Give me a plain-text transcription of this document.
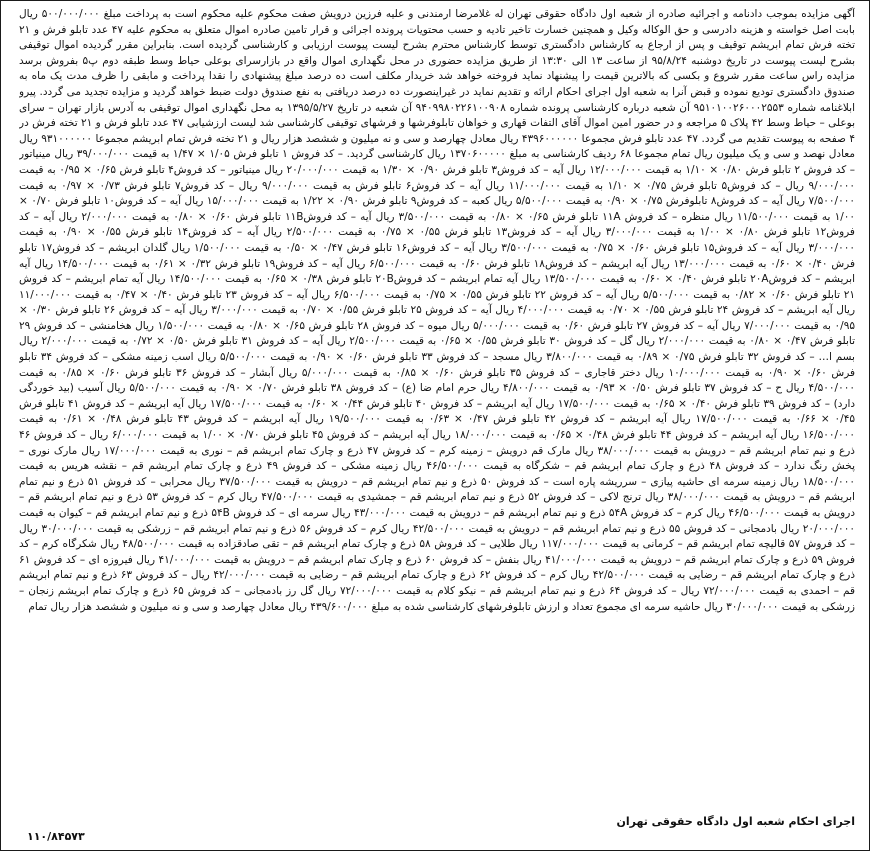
آگهی مزایده بموجب دادنامه و اجرائیه صادره از شعبه اول دادگاه حقوقی تهران له غلامرضا ارمندنی و علیه فرزین درویش صفت محکوم علیه محکوم است به پرداخت مبلغ ۵۰۰/۰۰۰/۰۰۰ ریال بابت اصل خواسته و هزینه دادرسی و حق الوکاله وکیل و همچنین خسارت تاخیر تادیه و حسب محتویات پرونده اجرائی و قرار تامین صادره اموال متعلق به محکوم علیه ۴۷ عدد تابلو فرش و ۲۱ تخته فرش تمام ابریشم توقیف و پس از ارجاع به کارشناس دادگستری توسط کارشناس محترم بشرح لیست پیوست ارزیابی و کارشناسی گردیده است. بنابراین مقرر گردیده اموال توقیفی بشرح لیست پیوست در تاریخ دوشنبه ۹۵/۸/۲۴ از ساعت ۱۳ الی ۱۳:۳۰ از طریق مزایده حضوری در محل نگهداری اموال واقع در بازارسرای بوعلی حیاط وسط طبقه دوم پ۵ بفروش برسد مزایده راس ساعت مقرر شروع و بکسی که بالاترین قیمت را پیشنهاد نماید فروخته خواهد شد خریدار مکلف است ده درصد مبلغ پیشنهادی را نقدا پرداخت و مابقی را ظرف مدت یک ماه به صندوق دادگستری تودیع نموده و قبض آنرا به شعبه اول اجرای احکام ارائه و تقدیم نماید در غیراینصورت ده درصد دریافتی به نفع صندوق دولت ضبط خواهد گردید و مزایده تجدید می گردد. پیرو ابلاغنامه شماره ۹۵۱۰۱۰۰۲۶۰۰۰۲۵۵۳ آن شعبه درباره کارشناسی پرونده شماره ۹۴۰۹۹۸۰۲۲۶۱۰۰۹۰۸ آن شعبه در تاریخ ۱۳۹۵/۵/۲۷ به محل نگهداری اموال توقیفی به آدرس بازار تهران – سرای بوعلی – حیاط وسط ۴۲ پلاک ۵ مراجعه و در حضور امین اموال آقای التفات قهاری و خواهان تابلوفرشها و فرشهای توقیفی کارشناسی شد لیست ارزشیابی ۴۷ عدد تابلو فرش و ۲۱ تخته فرش در ۴ صفحه به پیوست تقدیم می گردد. ۴۷ عدد تابلو فرش مجموعا ۴۳۹۶۰۰۰۰۰۰ ریال معادل چهارصد و سی و نه میلیون و ششصد هزار ریال و ۲۱ تخته فرش تمام ابریشم مجموعا ۹۳۱۰۰۰۰۰۰ ریال معادل نهصد و سی و یک میلیون ریال تمام مجموعا ۶۸ ردیف کارشناسی به مبلغ ۱۳۷۰۶۰۰۰۰۰ ریال کارشناسی گردید. – کد فروش ۱ تابلو فرش ۱/۰۵ × ۱/۴۷ به قیمت ۳۹/۰۰۰/۰۰۰ ریال مینیاتور – کد فروش ۲ تابلو فرش ۰/۸۰ × ۱/۱۰ به قیمت ۱۲/۰۰۰/۰۰۰ ریال آیه – کد فروش۳ تابلو فرش ۰/۹۰ × ۱/۳۰ به قیمت ۲۰/۰۰۰/۰۰۰ ریال مینیاتور – کد فروش۴ تابلو فرش ۰/۶۵ × ۰/۹۵ به قیمت ۹/۰۰۰/۰۰۰ ریال – کد فروش۵ تابلو فرش ۰/۷۵ × ۱/۱۰ به قیمت ۱۱/۰۰۰/۰۰۰ ریال آیه – کد فروش۶ تابلو فرش به قیمت ۹/۰۰۰/۰۰۰ ریال – کد فروش۷ تابلو فرش ۰/۷۳ × ۰/۹۷ به قیمت ۷/۵۰۰/۰۰۰ ریال آیه – کد فروش۸ تابلوفرش ۰/۷۵ × ۰/۹۰ به قیمت ۵/۵۰۰/۰۰۰ ریال کعبه – کد فروش۹ تابلو فرش ۰/۹۰ × ۱/۲۲ به قیمت ۱۵/۰۰۰/۰۰۰ ریال آیه – کد فروش۱۰ تابلو فرش ۰/۷۰ × ۱/۰۰ به قیمت ۱۱/۵۰۰/۰۰۰ ریال منظره – کد فروش ۱۱A تابلو فرش ۰/۶۵ × ۰/۸۰ به قیمت ۳/۵۰۰/۰۰۰ ریال آیه – کد فروش۱۱B تابلو فرش ۰/۶۰ × ۰/۸۰ به قیمت ۲/۰۰۰/۰۰۰ ریال آیه – کد فروش۱۲ تابلو فرش ۰/۸۰ × ۱/۰۰ به قیمت ۳/۰۰۰/۰۰۰ ریال آیه – کد فروش۱۳ تابلو فرش ۰/۵۵ × ۰/۷۵ به قیمت ۲/۵۰۰/۰۰۰ ریال آیه – کد فروش۱۴ تابلو فرش ۰/۵۵ × ۰/۹۰ به قیمت ۳/۰۰۰/۰۰۰ ریال آیه – کد فروش۱۵ تابلو فرش ۰/۶۰ × ۰/۷۵ به قیمت ۳/۵۰۰/۰۰۰ ریال آیه – کد فروش۱۶ تابلو فرش ۰/۴۷ × ۰/۵۰ به قیمت ۱/۵۰۰/۰۰۰ ریال گلدان ابریشم – کد فروش۱۷ تابلو فرش ۰/۴۰ × ۰/۶۰ به قیمت ۱۳/۰۰۰/۰۰۰ ریال آیه ابریشم – کد فروش۱۸ تابلو فرش ۰/۶۰ به قیمت ۶/۵۰۰/۰۰۰ ریال آیه – کد فروش۱۹ تابلو فرش ۰/۳۲ × ۰/۶۱ به قیمت ۱۴/۵۰۰/۰۰۰ ریال آیه ابریشم – کد فروش۲۰A تابلو فرش ۰/۴۰ × ۰/۶۰ به قیمت ۱۳/۵۰۰/۰۰۰ ریال آیه تمام ابریشم – کد فروش۲۰B تابلو فرش ۰/۳۸ × ۰/۶۵ به قیمت ۱۴/۵۰۰/۰۰۰ ریال آیه تمام ابریشم – کد فروش ۲۱ تابلو فرش ۰/۶۰ × ۰/۸۲ به قیمت ۵/۵۰۰/۰۰۰ ریال آیه – کد فروش ۲۲ تابلو فرش ۰/۵۵ × ۰/۷۵ به قیمت ۶/۵۰۰/۰۰۰ ریال آیه – کد فروش ۲۳ تابلو فرش ۰/۴۰ × ۰/۴۷ به قیمت ۱۱/۰۰۰/۰۰۰ ریال آیه ابریشم – کد فروش ۲۴ تابلو فرش ۰/۵۵ × ۰/۷۰ به قیمت ۴/۰۰۰/۰۰۰ ریال آیه – کد فروش ۲۵ تابلو فرش ۰/۵۵ × ۰/۷۰ به قیمت ۳/۰۰۰/۰۰۰ ریال آیه – کد فروش ۲۶ تابلو فرش ۰/۳۰ × ۰/۹۵ به قیمت ۷/۰۰۰/۰۰۰ ریال آیه – کد فروش ۲۷ تابلو فرش ۰/۶۰ به قیمت ۵/۰۰۰/۰۰۰ ریال میوه – کد فروش ۲۸ تابلو فرش ۰/۶۵ × ۰/۸۰ به قیمت ۱/۵۰۰/۰۰۰ ریال هخامنشی – کد فروش ۲۹ تابلو فرش ۰/۴۷ × ۰/۸۰ به قیمت ۲/۰۰۰/۰۰۰ ریال گل – کد فروش ۳۰ تابلو فرش ۰/۵۵ × ۰/۶۵ به قیمت ۲/۵۰۰/۰۰۰ ریال آیه – کد فروش ۳۱ تابلو فرش ۰/۵۰ × ۰/۷۲ به قیمت ۲/۰۰۰/۰۰۰ ریال بسم ا… – کد فروش ۳۲ تابلو فرش ۰/۷۵ × ۰/۸۹ به قیمت ۳/۸۰۰/۰۰۰ ریال مسجد – کد فروش ۳۳ تابلو فرش ۰/۶۰ × ۰/۹۰ به قیمت ۵/۵۰۰/۰۰۰ ریال اسب زمینه مشکی – کد فروش ۳۴ تابلو فرش ۰/۶۰ × ۰/۹۰ به قیمت ۱۰/۰۰۰/۰۰۰ ریال دختر قاجاری – کد فروش ۳۵ تابلو فرش ۰/۶۰ × ۰/۸۵ به قیمت ۵/۰۰۰/۰۰۰ ریال آبشار – کد فروش ۳۶ تابلو فرش ۰/۶۰ × ۰/۸۵ به قیمت ۴/۵۰۰/۰۰۰ ریال ح – کد فروش ۳۷ تابلو فرش ۰/۵۰ × ۰/۹۳ به قیمت ۴/۸۰۰/۰۰۰ ریال حرم امام ضا (ع) – کد فروش ۳۸ تابلو فرش ۰/۷۰ × ۰/۹۰ به قیمت ۵/۵۰۰/۰۰۰ ریال آسیب (بید خوردگی دارد) – کد فروش ۳۹ تابلو فرش ۰/۴۰ × ۰/۶۵ به قیمت ۱۷/۵۰۰/۰۰۰ ریال آیه ابریشم – کد فروش ۴۰ تابلو فرش ۰/۴۴ × ۰/۶۰ به قیمت ۱۷/۵۰۰/۰۰۰ ریال آیه ابریشم – کد فروش ۴۱ تابلو فرش ۰/۴۵ × ۰/۶۶ به قیمت ۱۷/۵۰۰/۰۰۰ ریال آیه ابریشم – کد فروش ۴۲ تابلو فرش ۰/۴۷ × ۰/۶۳ به قیمت ۱۹/۵۰۰/۰۰۰ ریال آیه ابریشم – کد فروش ۴۳ تابلو فرش ۰/۴۸ × ۰/۶۱ به قیمت ۱۶/۵۰۰/۰۰۰ ریال آیه ابریشم – کد فروش ۴۴ تابلو فرش ۰/۴۸ × ۰/۶۵ به قیمت ۱۸/۰۰۰/۰۰۰ ریال آیه ابریشم – کد فروش ۴۵ تابلو فرش ۰/۷۰ × ۱/۰۰ به قیمت ۶/۰۰۰/۰۰۰ ریال – کد فروش ۴۶ ذرع و نیم تمام ابریشم قم – درویش به قیمت ۳۸/۰۰۰/۰۰۰ ریال مارک قم درویش – زمینه کرم – کد فروش ۴۷ ذرع و چارک تمام ابریشم قم – نوری به قیمت ۱۷/۰۰۰/۰۰۰ ریال مارک نوری – پخش رنگ ندارد – کد فروش ۴۸ ذرع و چارک تمام ابریشم قم – شکرگاه به قیمت ۴۶/۵۰۰/۰۰۰ ریال زمینه مشکی – کد فروش ۴۹ ذرع و چارک تمام ابریشم قم – نقشه هریس به قیمت ۱۸/۵۰۰/۰۰۰ ریال زمینه سرمه ای حاشیه پیازی – سرریشه پاره است – کد فروش ۵۰ ذرع و نیم تمام ابریشم قم – درویش به قیمت ۳۷/۵۰۰/۰۰۰ ریال محرابی – کد فروش ۵۱ ذرع و نیم تمام ابریشم قم – درویش به قیمت ۳۸/۰۰۰/۰۰۰ ریال ترنج لاکی – کد فروش ۵۲ ذرع و نیم تمام ابریشم قم – جمشیدی به قیمت ۴۷/۵۰۰/۰۰۰ ریال کرم – کد فروش ۵۳ ذرع و نیم تمام ابریشم قم – درویش به قیمت ۴۶/۵۰۰/۰۰۰ ریال کرم – کد فروش ۵۴A ذرع و نیم تمام ابریشم قم – درویش به قیمت ۴۳/۰۰۰/۰۰۰ ریال سرمه ای – کد فروش ۵۴B ذرع و نیم تمام ابریشم قم – کیوان به قیمت ۲۰/۰۰۰/۰۰۰ ریال بادمجانی – کد فروش ۵۵ ذرع و نیم تمام ابریشم قم – درویش به قیمت ۴۲/۵۰۰/۰۰۰ ریال کرم – کد فروش ۵۶ ذرع و نیم تمام ابریشم قم – زرشکی به قیمت ۳۰/۰۰۰/۰۰۰ ریال – کد فروش ۵۷ قالیچه تمام ابریشم قم – کرمانی به قیمت ۱۱۷/۰۰۰/۰۰۰ ریال طلایی – کد فروش ۵۸ ذرع و چارک تمام ابریشم قم – تقی صادقزاده به قیمت ۴۸/۵۰۰/۰۰۰ ریال شکرگاه کرم – کد فروش ۵۹ ذرع و چارک تمام ابریشم قم – درویش به قیمت ۴۱/۰۰۰/۰۰۰ ریال بنفش – کد فروش ۶۰ ذرع و چارک تمام ابریشم قم – درویش به قیمت ۴۱/۰۰۰/۰۰۰ ریال فیروزه ای – کد فروش ۶۱ ذرع و چارک تمام ابریشم قم – رضایی به قیمت ۴۲/۵۰۰/۰۰۰ ریال کرم – کد فروش ۶۲ ذرع و چارک تمام ابریشم قم – رضایی به قیمت ۴۲/۰۰۰/۰۰۰ ریال – کد فروش ۶۳ ذرع و نیم تمام ابریشم قم – احمدی به قیمت ۷۲/۰۰۰/۰۰۰ ریال – کد فروش ۶۴ ذرع و نیم تمام ابریشم قم – نیکو کلام به قیمت ۷۲/۰۰۰/۰۰۰ ریال گل رز بادمجانی – کد فروش ۶۵ ذرع و چارک تمام ابریشم زنجان – زرشکی به قیمت ۳۰/۰۰۰/۰۰۰ ریال حاشیه سرمه ای مجموع تعداد و ارزش تابلوفرشهای کارشناسی شده به مبلغ ۴۳۹/۶۰۰/۰۰۰ ریال معادل چهارصد و سی و نه میلیون و ششصد هزار ریال تمام

اجرای احکام شعبه اول دادگاه حقوقی تهران
۱۱۰/۸۴۵۷۳
